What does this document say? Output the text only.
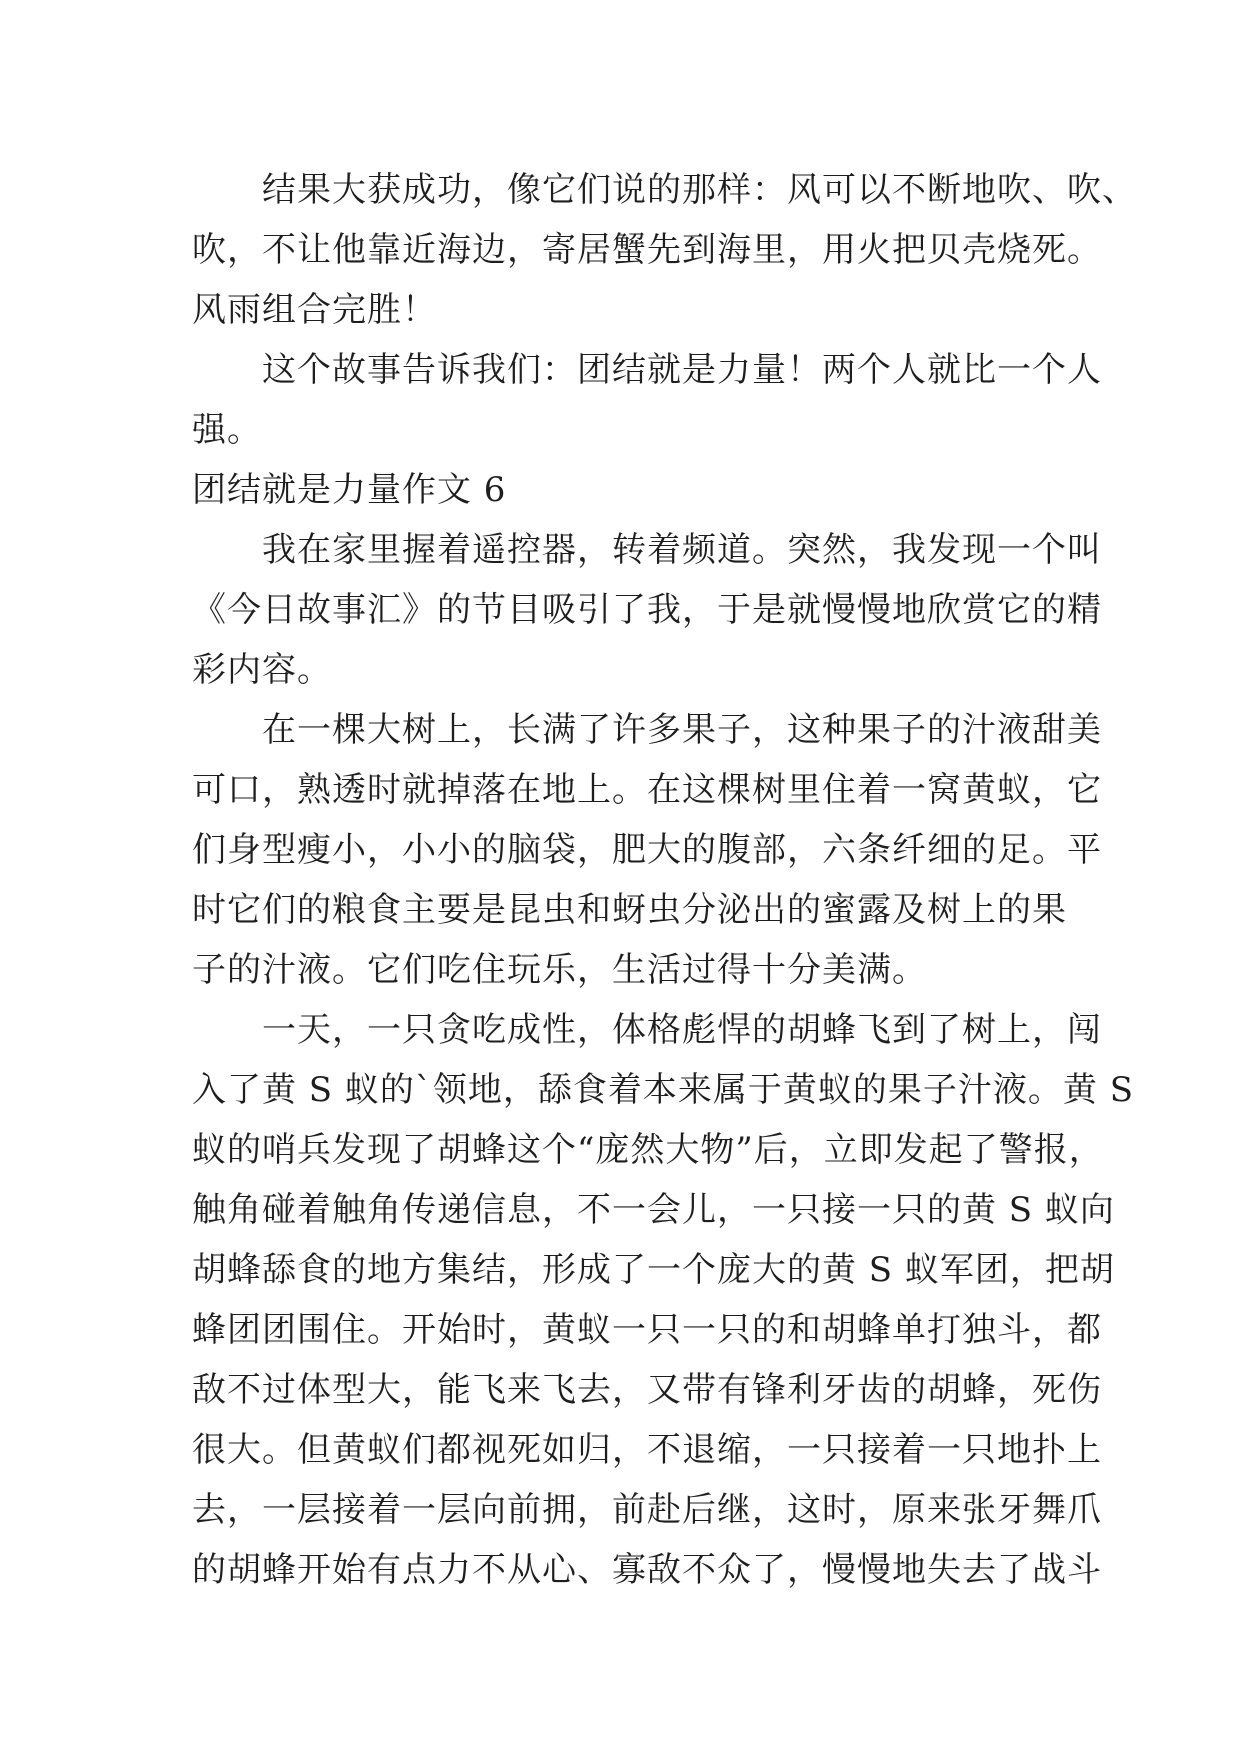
　　结果大获成功，像它们说的那样：风可以不断地吹、吹、
吹，不让他靠近海边，寄居蟹先到海里，用火把贝壳烧死。
风雨组合完胜！
　　这个故事告诉我们：团结就是力量！两个人就比一个人
强。
团结就是力量作文 6
　　我在家里握着遥控器，转着频道。突然，我发现一个叫
《今日故事汇》的节目吸引了我，于是就慢慢地欣赏它的精
彩内容。
　　在一棵大树上，长满了许多果子，这种果子的汁液甜美
可口，熟透时就掉落在地上。在这棵树里住着一窝黄蚁，它
们身型瘦小，小小的脑袋，肥大的腹部，六条纤细的足。平
时它们的粮食主要是昆虫和蚜虫分泌出的蜜露及树上的果
子的汁液。它们吃住玩乐，生活过得十分美满。
　　一天，一只贪吃成性，体格彪悍的胡蜂飞到了树上，闯
入了黄 S 蚁的`领地，舔食着本来属于黄蚁的果子汁液。黄 S
蚁的哨兵发现了胡蜂这个“庞然大物”后，立即发起了警报，
触角碰着触角传递信息，不一会儿，一只接一只的黄 S 蚁向
胡蜂舔食的地方集结，形成了一个庞大的黄 S 蚁军团，把胡
蜂团团围住。开始时，黄蚁一只一只的和胡蜂单打独斗，都
敌不过体型大，能飞来飞去，又带有锋利牙齿的胡蜂，死伤
很大。但黄蚁们都视死如归，不退缩，一只接着一只地扑上
去，一层接着一层向前拥，前赴后继，这时，原来张牙舞爪
的胡蜂开始有点力不从心、寡敌不众了，慢慢地失去了战斗
